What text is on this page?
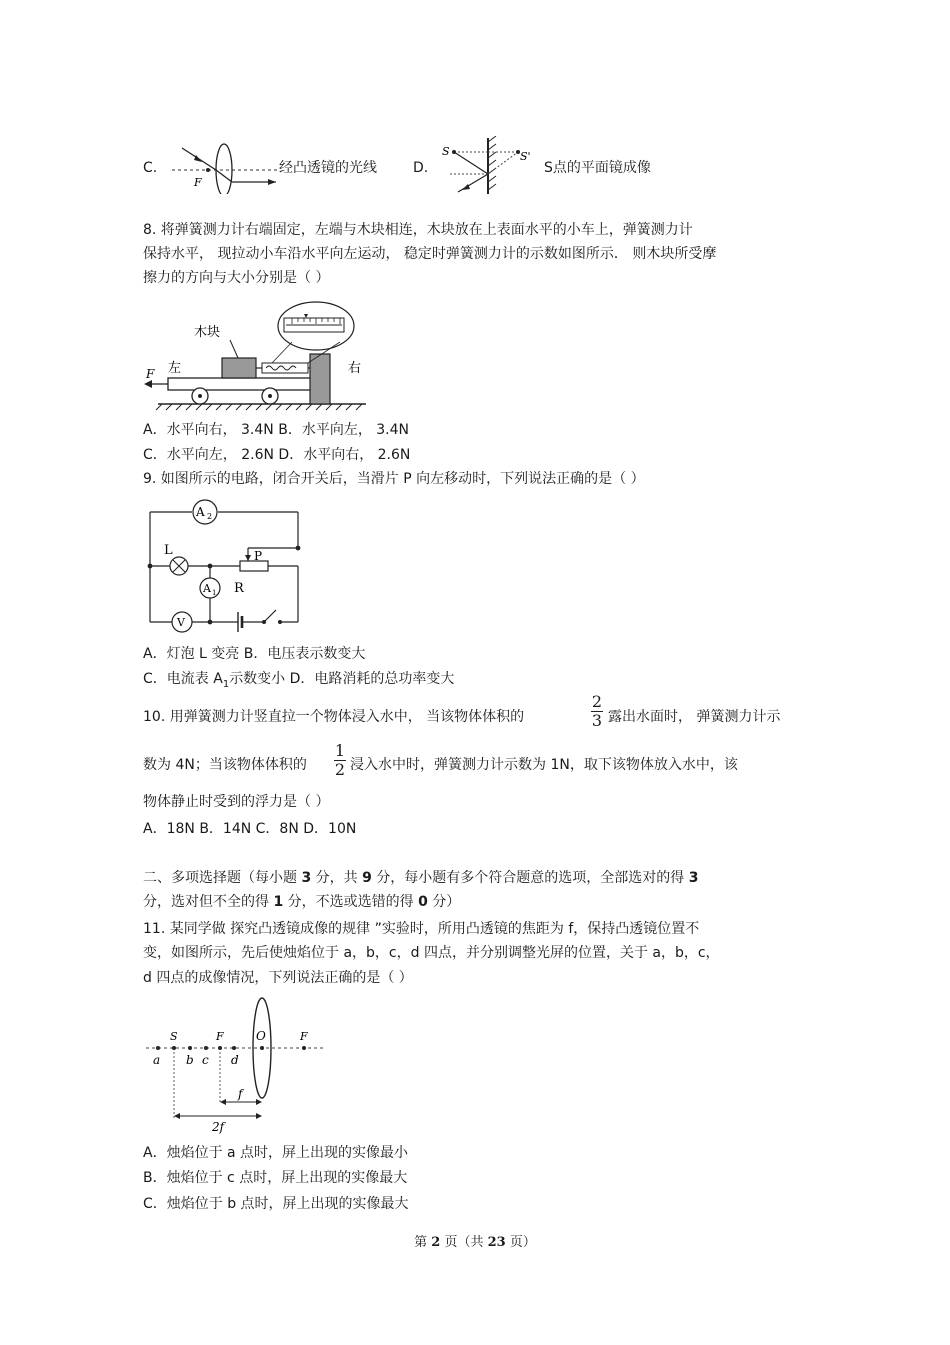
C.
F
经凸透镜的光线	D.
S	S'
S点的平面镜成像
8. 将弹簧测力计右端固定，左端与木块相连，木块放在上表面水平的小车上，弹簧测力计
保持水平， 现拉动小车沿水平向左运动， 稳定时弹簧测力计的示数如图所示． 则木块所受摩
擦力的方向与大小分别是（ ）
F 左
木块
右
A．水平向右， 3.4N B．水平向左， 3.4N
C．水平向左， 2.6N D．水平向右， 2.6N
9. 如图所示的电路，闭合开关后，当滑片 P 向左移动时，下列说法正确的是（ ）
A 2
L	P
R
A 1
V
A．灯泡 L 变亮 B．电压表示数变大
C．电流表 $A_1$示数变小 D．电路消耗的总功率变大
10. 用弹簧测力计竖直拉一个物体浸入水中， 当该物体体积的
2
3 露出水面时， 弹簧测力计示
数为 4N；当该物体体积的
1
2 浸入水中时，弹簧测力计示数为 1N，取下该物体放入水中，该
物体静止时受到的浮力是（ ）
A．18N B．14N C．8N D．10N
二、多项选择题（每小题 3 分，共 9 分，每小题有多个符合题意的选项，全部选对的得 3
分，选对但不全的得 1 分，不选或选错的得 0 分）
11. 某同学做 探究凸透镜成像的规律 ”实验时，所用凸透镜的焦距为 f，保持凸透镜位置不
变，如图所示，先后使烛焰位于 a，b，c，d 四点，并分别调整光屏的位置，关于 a，b，c，
d 四点的成像情况，下列说法正确的是（ ）
a
S
b c
F
d
O	F
f
2f
A．烛焰位于 a 点时，屏上出现的实像最小
B．烛焰位于 c 点时，屏上出现的实像最大
C．烛焰位于 b 点时，屏上出现的实像最大
第 2 页（共 23 页）
